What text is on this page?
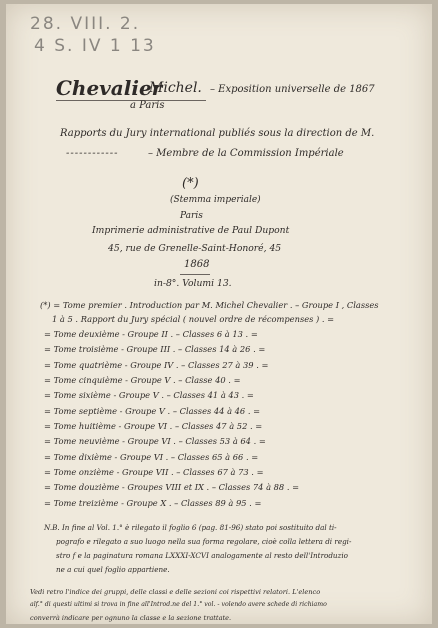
28. VIII. 2.
4 S. IV 1 13
Chevalier
Michel. – Exposition universelle de 1867
a Paris
Rapports du Jury international publiés sous la direction de M.
------------	– Membre de la Commission Impériale
(*)
(Stemma imperiale)
Paris
Imprimerie administrative de Paul Dupont
45, rue de Grenelle-Saint-Honoré, 45
1868
in-8°. Volumi 13.
(*) = Tome premier . Introduction par M. Michel Chevalier . – Groupe I , Classes
1 à 5 . Rapport du Jury spécial ( nouvel ordre de récompenses ) . =
= Tome deuxième - Groupe II . – Classes 6 à 13 . =
= Tome troisième - Groupe III . – Classes 14 à 26 . =
= Tome quatrième - Groupe IV . – Classes 27 à 39 . =
= Tome cinquième - Groupe V . – Classe 40 . =
= Tome sixième - Groupe V . – Classes 41 à 43 . =
= Tome septième - Groupe V . – Classes 44 à 46 . =
= Tome huitième - Groupe VI . – Classes 47 à 52 . =
= Tome neuvième - Groupe VI . – Classes 53 à 64 . =
= Tome dixième - Groupe VI . – Classes 65 à 66 . =
= Tome onzième - Groupe VII . – Classes 67 à 73 . =
= Tome douzième - Groupes VIII et IX . – Classes 74 à 88 . =
= Tome treizième - Groupe X . – Classes 89 à 95 . =
N.B. In fine al Vol. 1.° è rilegato il foglio 6 (pag. 81-96) stato poi sostituito dal ti-
pografo e rilegato a suo luogo nella sua forma regolare, cioè colla lettera di regi-
stro f e la paginatura romana LXXXI-XCVI analogamente al resto dell'Introduzio
ne a cui quel foglio appartiene.
Vedi retro l'indice dei gruppi, delle classi e delle sezioni coi rispettivi relatori. L'elenco
alf.° di questi ultimi si trova in fine all'Introd.ne del 1.° vol. - volendo avere schede di richiamo
converrà indicare per ognuno la classe e la sezione trattate.
